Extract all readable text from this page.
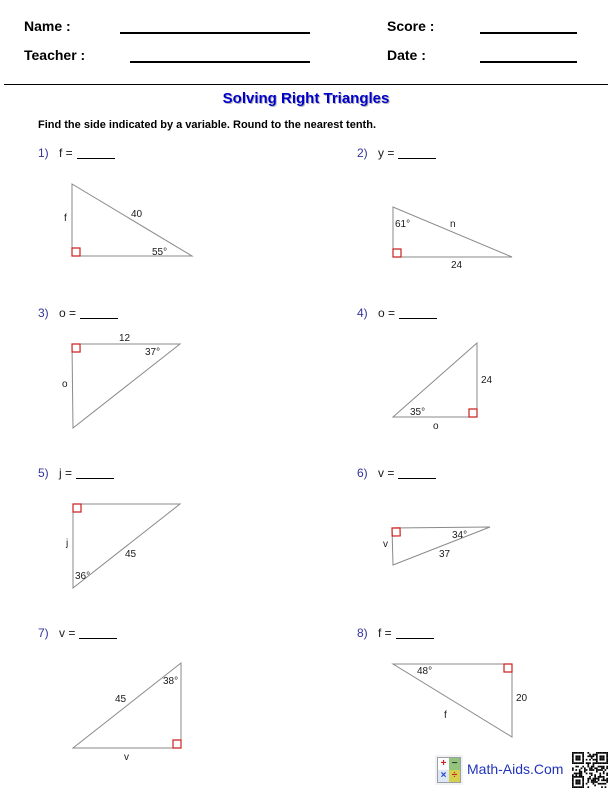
Name :	Score :
Teacher :	Date :
Solving Right Triangles
Find the side indicated by a variable. Round to the nearest tenth.
1) f =	2) y =
3) o =	4) o =
5) j =	6) v =
7) v =	8) f =
f	40
55°
61°	n
24
12
37°
o	24
35°
o
j
45
36°
v
34°
37
45
38°
v
48°
20
f
+ −
× ÷ Math-Aids.Com
